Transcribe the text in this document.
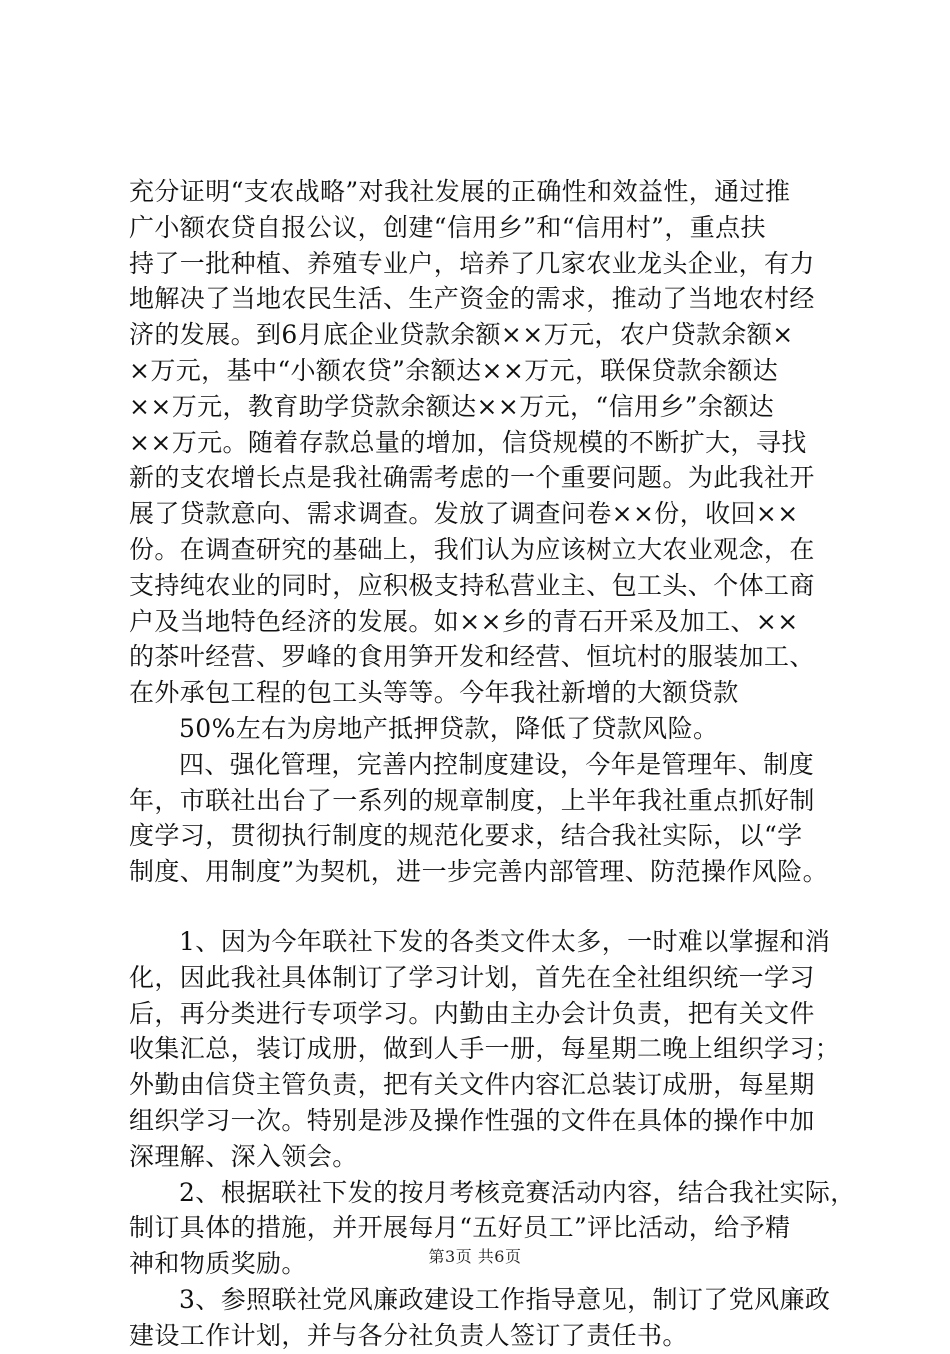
充分证明“支农战略”对我社发展的正确性和效益性，通过推
广小额农贷自报公议，创建“信用乡”和“信用村”，重点扶
持了一批种植、养殖专业户，培养了几家农业龙头企业，有力
地解决了当地农民生活、生产资金的需求，推动了当地农村经
济的发展。到6月底企业贷款余额××万元，农户贷款余额×
×万元，基中“小额农贷”余额达××万元，联保贷款余额达
××万元，教育助学贷款余额达××万元，“信用乡”余额达
××万元。随着存款总量的增加，信贷规模的不断扩大，寻找
新的支农增长点是我社确需考虑的一个重要问题。为此我社开
展了贷款意向、需求调查。发放了调查问卷××份，收回××
份。在调查研究的基础上，我们认为应该树立大农业观念，在
支持纯农业的同时，应积极支持私营业主、包工头、个体工商
户及当地特色经济的发展。如××乡的青石开采及加工、××
的茶叶经营、罗峰的食用笋开发和经营、恒坑村的服装加工、
在外承包工程的包工头等等。今年我社新增的大额贷款
50%左右为房地产抵押贷款，降低了贷款风险。
四、强化管理，完善内控制度建设，今年是管理年、制度
年，市联社出台了一系列的规章制度，上半年我社重点抓好制
度学习，贯彻执行制度的规范化要求，结合我社实际，以“学
制度、用制度”为契机，进一步完善内部管理、防范操作风险。
1、因为今年联社下发的各类文件太多，一时难以掌握和消
化，因此我社具体制订了学习计划，首先在全社组织统一学习
后，再分类进行专项学习。内勤由主办会计负责，把有关文件
收集汇总，装订成册，做到人手一册，每星期二晚上组织学习；
外勤由信贷主管负责，把有关文件内容汇总装订成册，每星期
组织学习一次。特别是涉及操作性强的文件在具体的操作中加
深理解、深入领会。
2、根据联社下发的按月考核竞赛活动内容，结合我社实际，
制订具体的措施，并开展每月“五好员工”评比活动，给予精
神和物质奖励。
3、参照联社党风廉政建设工作指导意见，制订了党风廉政
建设工作计划，并与各分社负责人签订了责任书。
第3页 共6页
